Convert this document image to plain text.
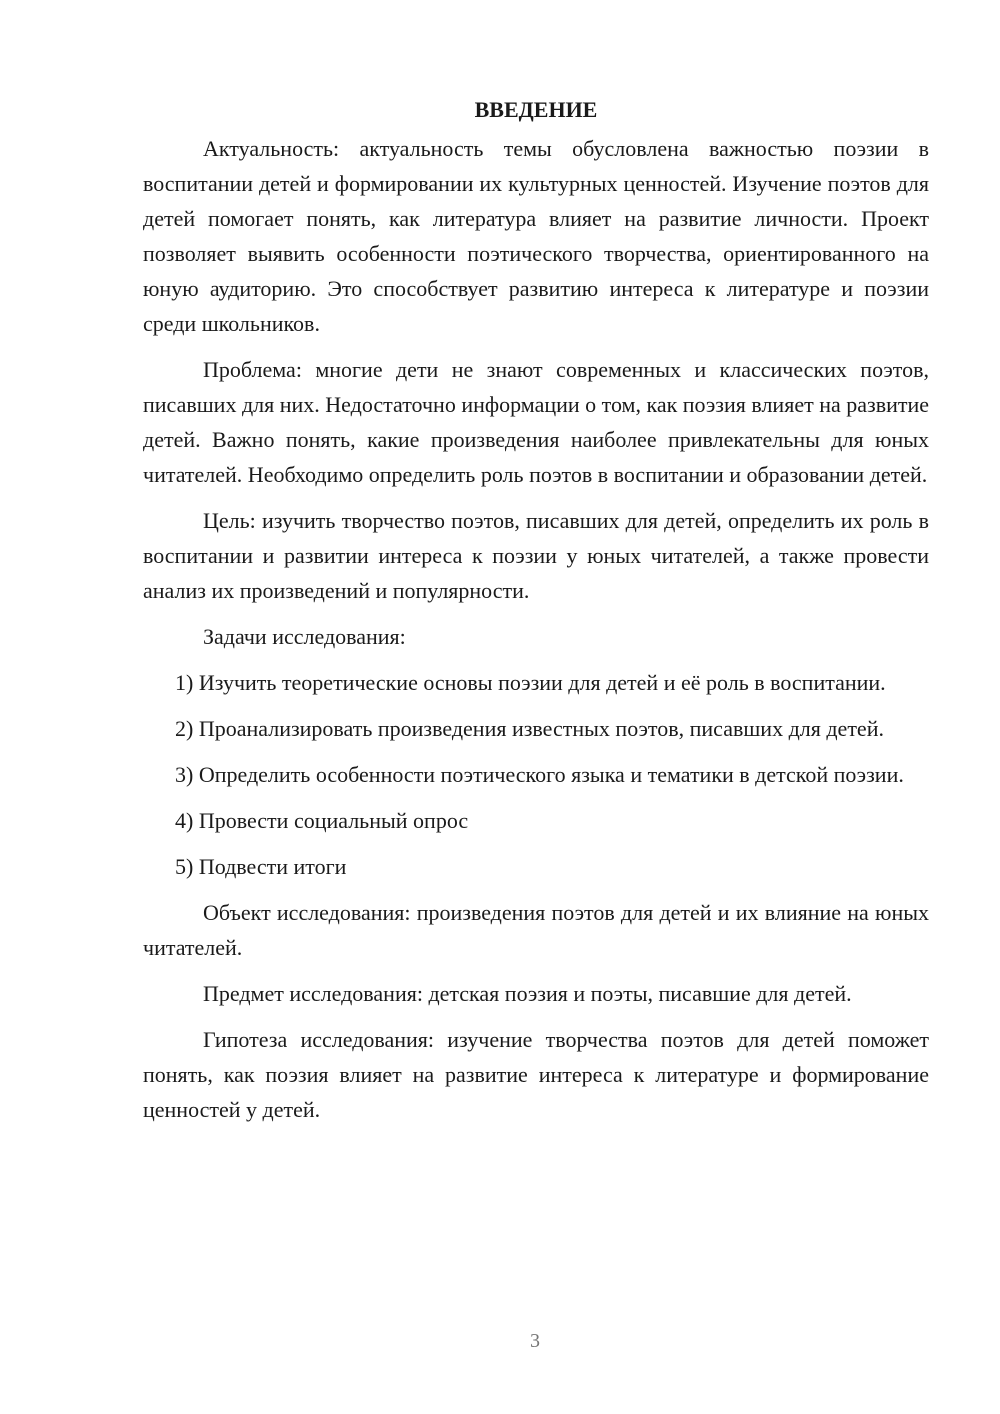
ВВЕДЕНИЕ

Актуальность: актуальность темы обусловлена важностью поэзии в воспитании детей и формировании их культурных ценностей. Изучение поэтов для детей помогает понять, как литература влияет на развитие личности. Проект позволяет выявить особенности поэтического творчества, ориентированного на юную аудиторию. Это способствует развитию интереса к литературе и поэзии среди школьников.

Проблема: многие дети не знают современных и классических поэтов, писавших для них. Недостаточно информации о том, как поэзия влияет на развитие детей. Важно понять, какие произведения наиболее привлекательны для юных читателей. Необходимо определить роль поэтов в воспитании и образовании детей.

Цель: изучить творчество поэтов, писавших для детей, определить их роль в воспитании и развитии интереса к поэзии у юных читателей, а также провести анализ их произведений и популярности.

Задачи исследования:

1) Изучить теоретические основы поэзии для детей и её роль в воспитании.

2) Проанализировать произведения известных поэтов, писавших для детей.

3) Определить особенности поэтического языка и тематики в детской поэзии.

4) Провести социальный опрос

5) Подвести итоги

Объект исследования: произведения поэтов для детей и их влияние на юных читателей.

Предмет исследования: детская поэзия и поэты, писавшие для детей.

Гипотеза исследования: изучение творчества поэтов для детей поможет понять, как поэзия влияет на развитие интереса к литературе и формирование ценностей у детей.

3
